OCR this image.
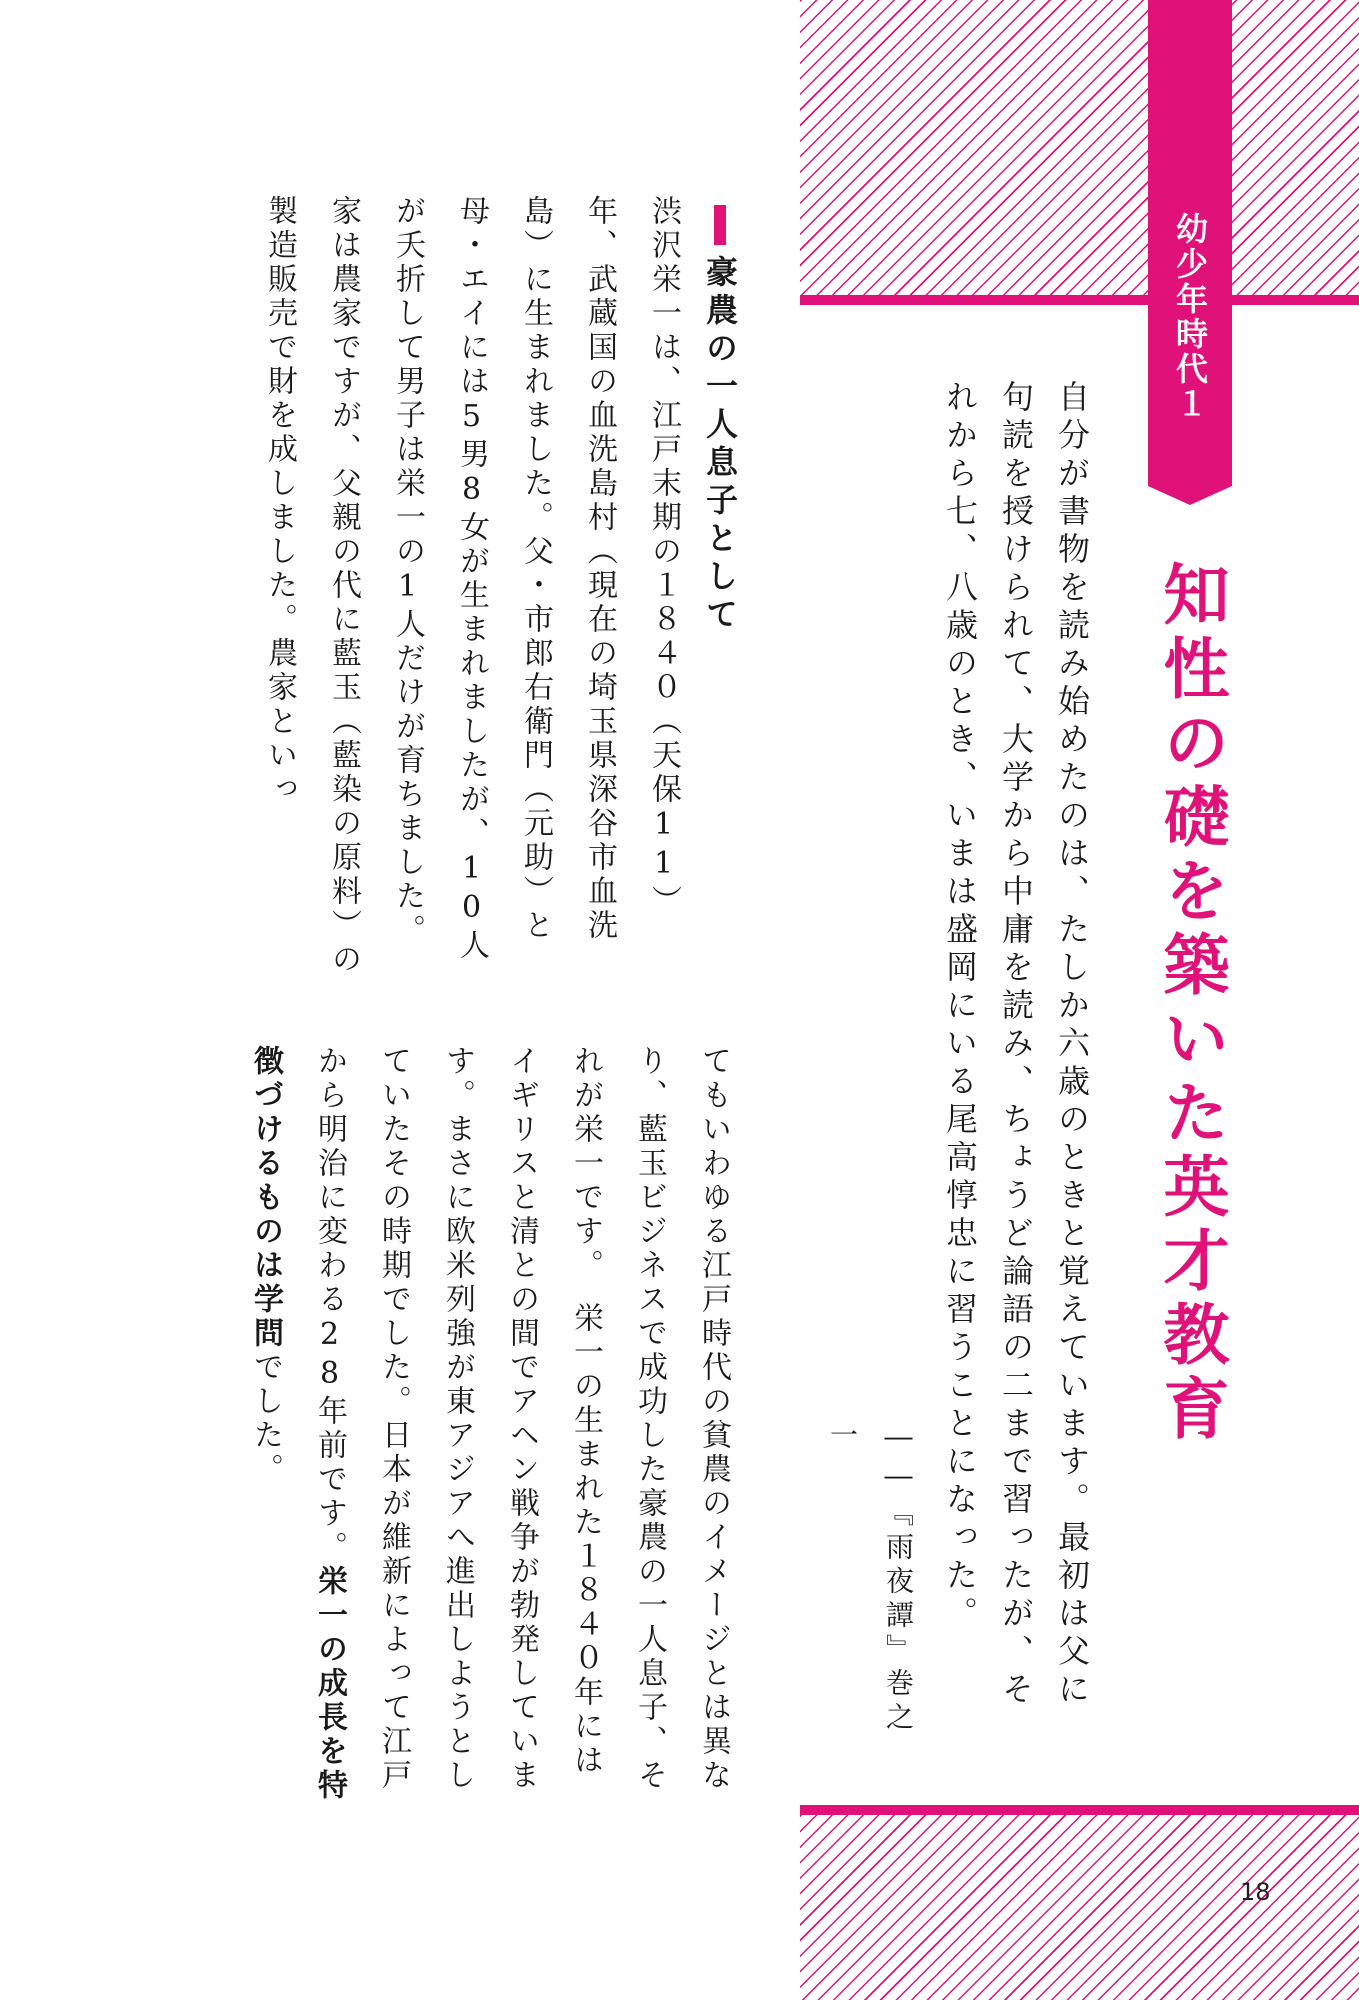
幼少年時代１
知性の礎を築いた英才教育

自分が書物を読み始めたのは、たしか六歳のときと覚えています。最初は父に句読を授けられて、大学から中庸を読み、ちょうど論語の二まで習ったが、それから七、八歳のとき、いまは盛岡にいる尾高惇忠に習うことになった。

――『雨夜譚』巻之一

豪農の一人息子として

渋沢栄一は、江戸末期の１８４０（天保11）年、武蔵国の血洗島村（現在の埼玉県深谷市血洗島）に生まれました。父・市郎右衛門（元助）と母・エイには5男8女が生まれましたが、10人が夭折して男子は栄一の1人だけが育ちました。　家は農家ですが、父親の代に藍玉（藍染の原料）の製造販売で財を成しました。農家といっ

てもいわゆる江戸時代の貧農のイメージとは異なり、藍玉ビジネスで成功した豪農の一人息子、それが栄一です。　栄一の生まれた１８４０年にはイギリスと清との間でアヘン戦争が勃発しています。まさに欧米列強が東アジアへ進出しようとしていたその時期でした。日本が維新によって江戸から明治に変わる28年前です。栄一の成長を特徴づけるものは学問でした。

18
